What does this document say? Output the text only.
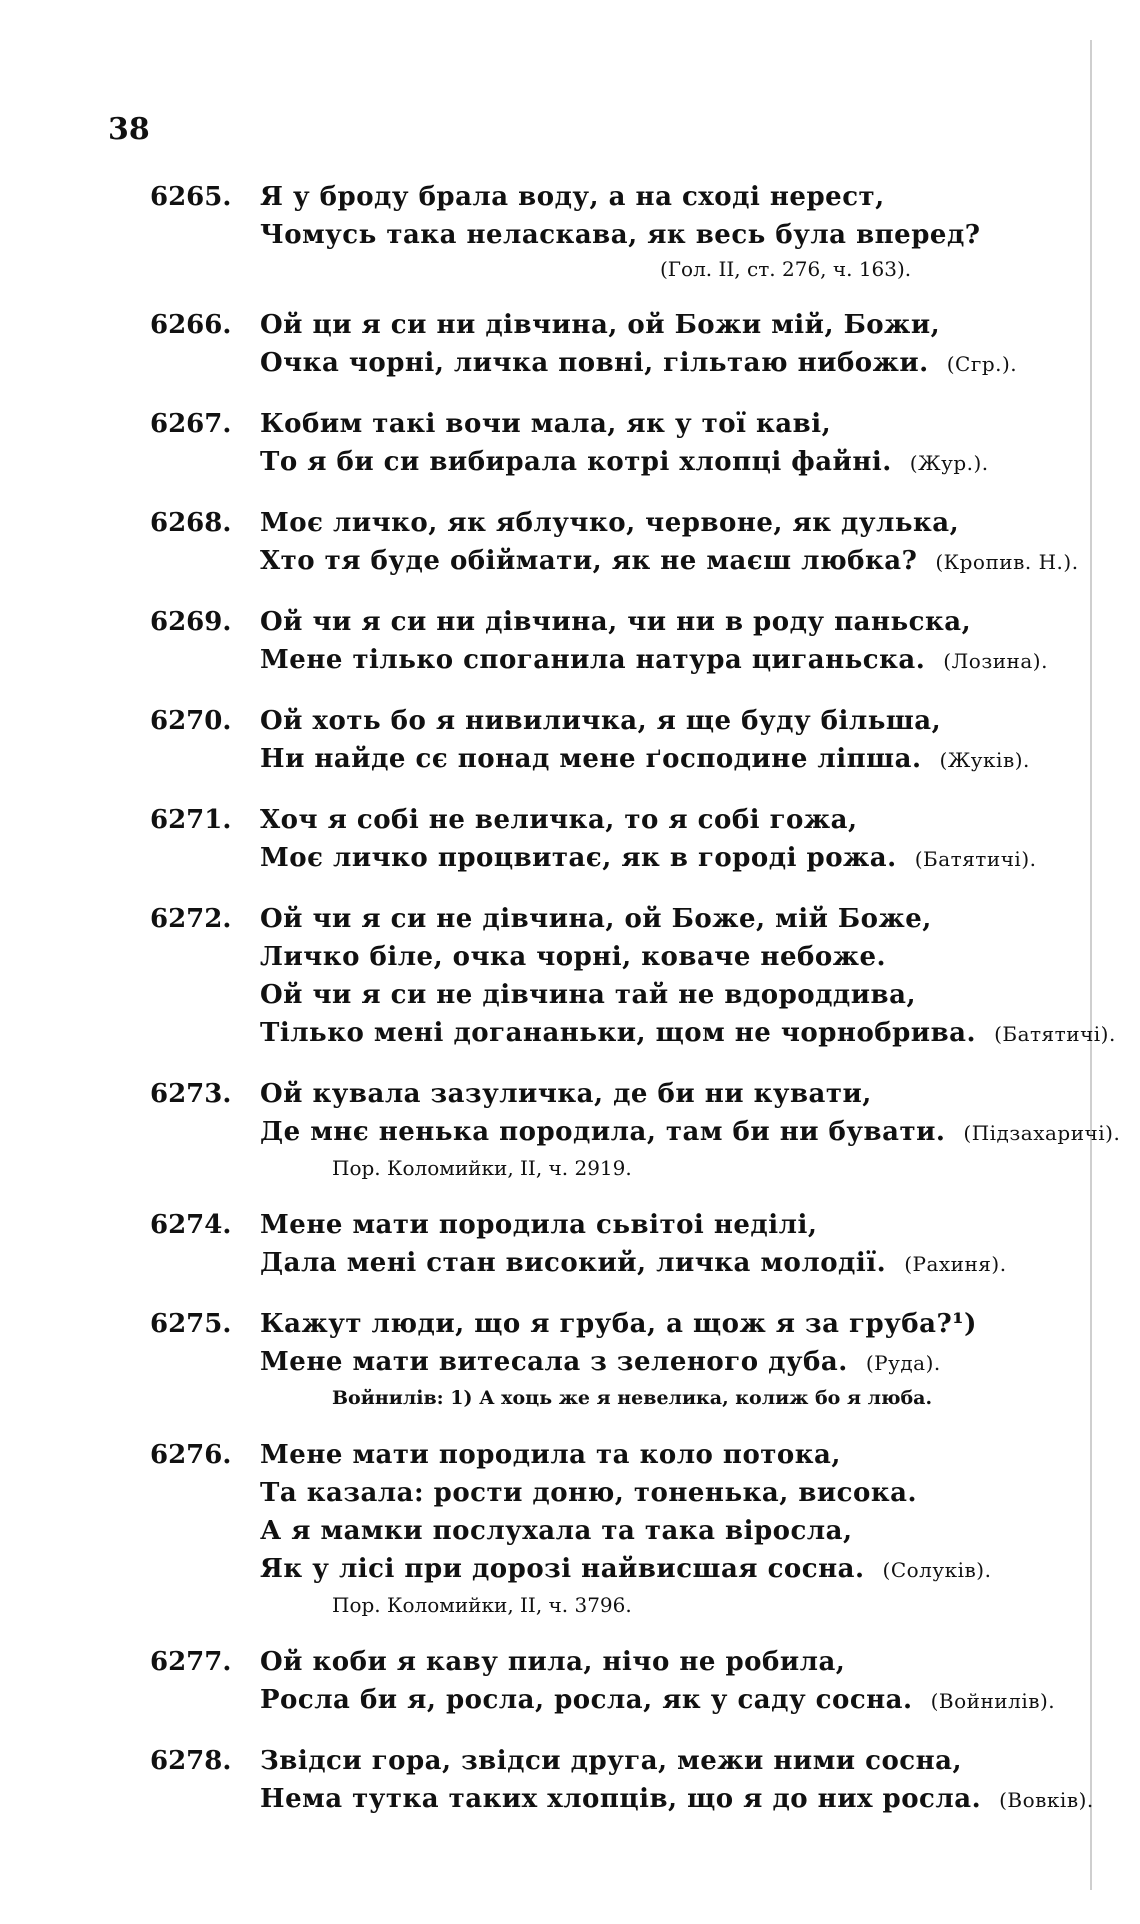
38
6265.	Я у броду брала воду, а на сході нерест,
Чомусь така неласкава, як весь була вперед?
(Гол. II, ст. 276, ч. 163).
6266.	Ой ци я си ни дівчина, ой Божи мій, Божи,
Очка чорні, личка повні, гільтаю нибожи. (Сгр.).
6267.	Кобим такі вочи мала, як у тої каві,
То я би си вибирала котрі хлопці файні. (Жур.).
6268.	Моє личко, як яблучко, червоне, як дулька,
Хто тя буде обіймати, як не маєш любка? (Кропив. Н.).
6269.	Ой чи я си ни дівчина, чи ни в роду паньска,
Мене тілько споганила натура циганьска. (Лозина).
6270.	Ой хоть бо я нивиличка, я ще буду більша,
Ни найде сє понад мене ґосподине ліпша. (Жуків).
6271.	Хоч я собі не величка, то я собі гожа,
Моє личко процвитає, як в городі рожа. (Батятичі).
6272.	Ой чи я си не дівчина, ой Боже, мій Боже,
Личко біле, очка чорні, коваче небоже.
Ой чи я си не дівчина тай не вдороддива,
Тілько мені догананьки, щом не чорнобрива. (Батятичі).
6273.	Ой кувала зазуличка, де би ни кувати,
Де мнє ненька породила, там би ни бувати. (Підзахаричі).
Пор. Коломийки, II, ч. 2919.
6274.	Мене мати породила сьвітоі неділі,
Дала мені стан високий, личка молодії. (Рахиня).
6275.	Кажут люди, що я груба, а щож я за груба?¹)
Мене мати витесала з зеленого дуба. (Руда).
Войнилів: 1) А хоць же я невелика, колиж бо я люба.
6276.	Мене мати породила та коло потока,
Та казала: рости доню, тоненька, висока.
А я мамки послухала та така віросла,
Як у лісі при дорозі найвисшая сосна. (Солуків).
Пор. Коломийки, II, ч. 3796.
6277.	Ой коби я каву пила, нічо не робила,
Росла би я, росла, росла, як у саду сосна. (Войнилів).
6278.	Звідси гора, звідси друга, межи ними сосна,
Нема тутка таких хлопців, що я до них росла. (Вовків).
